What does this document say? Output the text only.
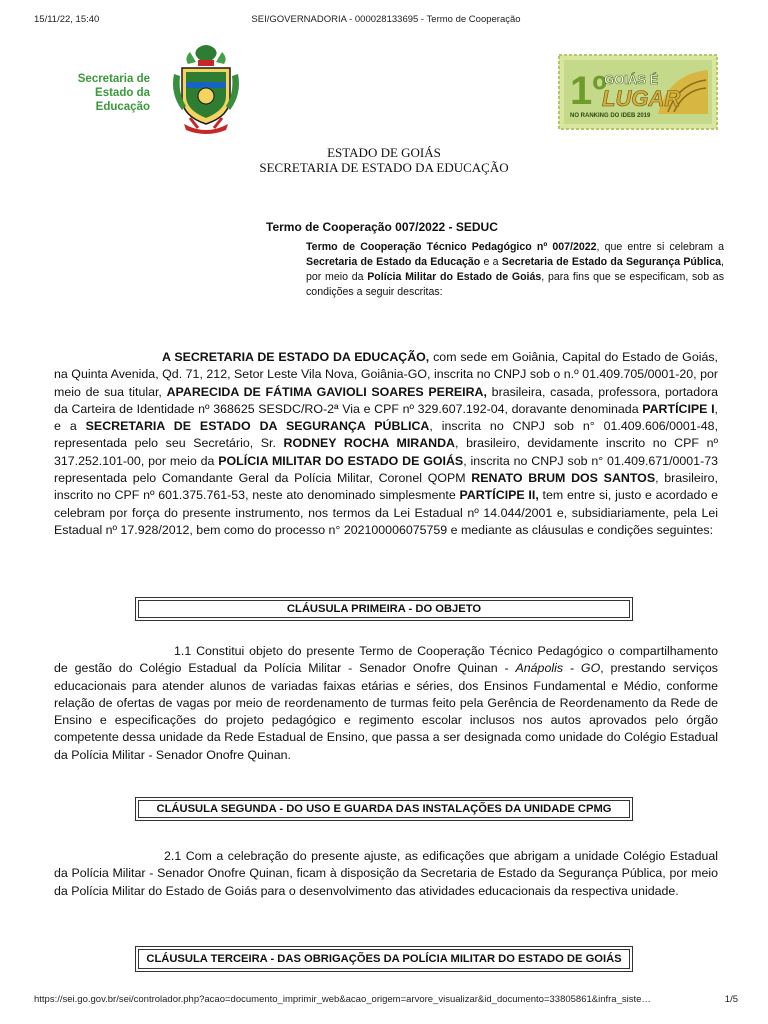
15/11/22, 15:40	SEI/GOVERNADORIA - 000028133695 - Termo de Cooperação
Secretaria de
Estado da
Educação	1º
GOIÁS É
LUGAR
NO RANKING DO IDEB 2019
ESTADO DE GOIÁS
SECRETARIA DE ESTADO DA EDUCAÇÃO
Termo de Cooperação 007/2022 - SEDUC
Termo de Cooperação Técnico Pedagógico nº 007/2022, que entre si celebram a Secretaria de Estado da Educação e a Secretaria de Estado da Segurança Pública, por meio da Polícia Militar do Estado de Goiás, para fins que se especificam, sob as condições a seguir descritas:
A SECRETARIA DE ESTADO DA EDUCAÇÃO, com sede em Goiânia, Capital do Estado de Goiás, na Quinta Avenida, Qd. 71, 212, Setor Leste Vila Nova, Goiânia-GO, inscrita no CNPJ sob o n.º 01.409.705/0001-20, por meio de sua titular, APARECIDA DE FÁTIMA GAVIOLI SOARES PEREIRA, brasileira, casada, professora, portadora da Carteira de Identidade nº 368625 SESDC/RO-2ª Via e CPF nº 329.607.192-04, doravante denominada PARTÍCIPE I, e a SECRETARIA DE ESTADO DA SEGURANÇA PÚBLICA, inscrita no CNPJ sob n° 01.409.606/0001-48, representada pelo seu Secretário, Sr. RODNEY ROCHA MIRANDA, brasileiro, devidamente inscrito no CPF nº 317.252.101-00, por meio da POLÍCIA MILITAR DO ESTADO DE GOIÁS, inscrita no CNPJ sob n° 01.409.671/0001-73 representada pelo Comandante Geral da Polícia Militar, Coronel QOPM RENATO BRUM DOS SANTOS, brasileiro, inscrito no CPF nº 601.375.761-53, neste ato denominado simplesmente PARTÍCIPE II, tem entre si, justo e acordado e celebram por força do presente instrumento, nos termos da Lei Estadual nº 14.044/2001 e, subsidiariamente, pela Lei Estadual nº 17.928/2012, bem como do processo n° 202100006075759 e mediante as cláusulas e condições seguintes:
CLÁUSULA PRIMEIRA - DO OBJETO
1.1 Constitui objeto do presente Termo de Cooperação Técnico Pedagógico o compartilhamento de gestão do Colégio Estadual da Polícia Militar - Senador Onofre Quinan - Anápolis - GO, prestando serviços educacionais para atender alunos de variadas faixas etárias e séries, dos Ensinos Fundamental e Médio, conforme relação de ofertas de vagas por meio de reordenamento de turmas feito pela Gerência de Reordenamento da Rede de Ensino e especificações do projeto pedagógico e regimento escolar inclusos nos autos aprovados pelo órgão competente dessa unidade da Rede Estadual de Ensino, que passa a ser designada como unidade do Colégio Estadual da Polícia Militar - Senador Onofre Quinan.
CLÁUSULA SEGUNDA - DO USO E GUARDA DAS INSTALAÇÕES DA UNIDADE CPMG
2.1 Com a celebração do presente ajuste, as edificações que abrigam a unidade Colégio Estadual da Polícia Militar - Senador Onofre Quinan, ficam à disposição da Secretaria de Estado da Segurança Pública, por meio da Polícia Militar do Estado de Goiás para o desenvolvimento das atividades educacionais da respectiva unidade.
CLÁUSULA TERCEIRA - DAS OBRIGAÇÕES DA POLÍCIA MILITAR DO ESTADO DE GOIÁS
https://sei.go.gov.br/sei/controlador.php?acao=documento_imprimir_web&acao_origem=arvore_visualizar&id_documento=33805861&infra_siste…	1/5
